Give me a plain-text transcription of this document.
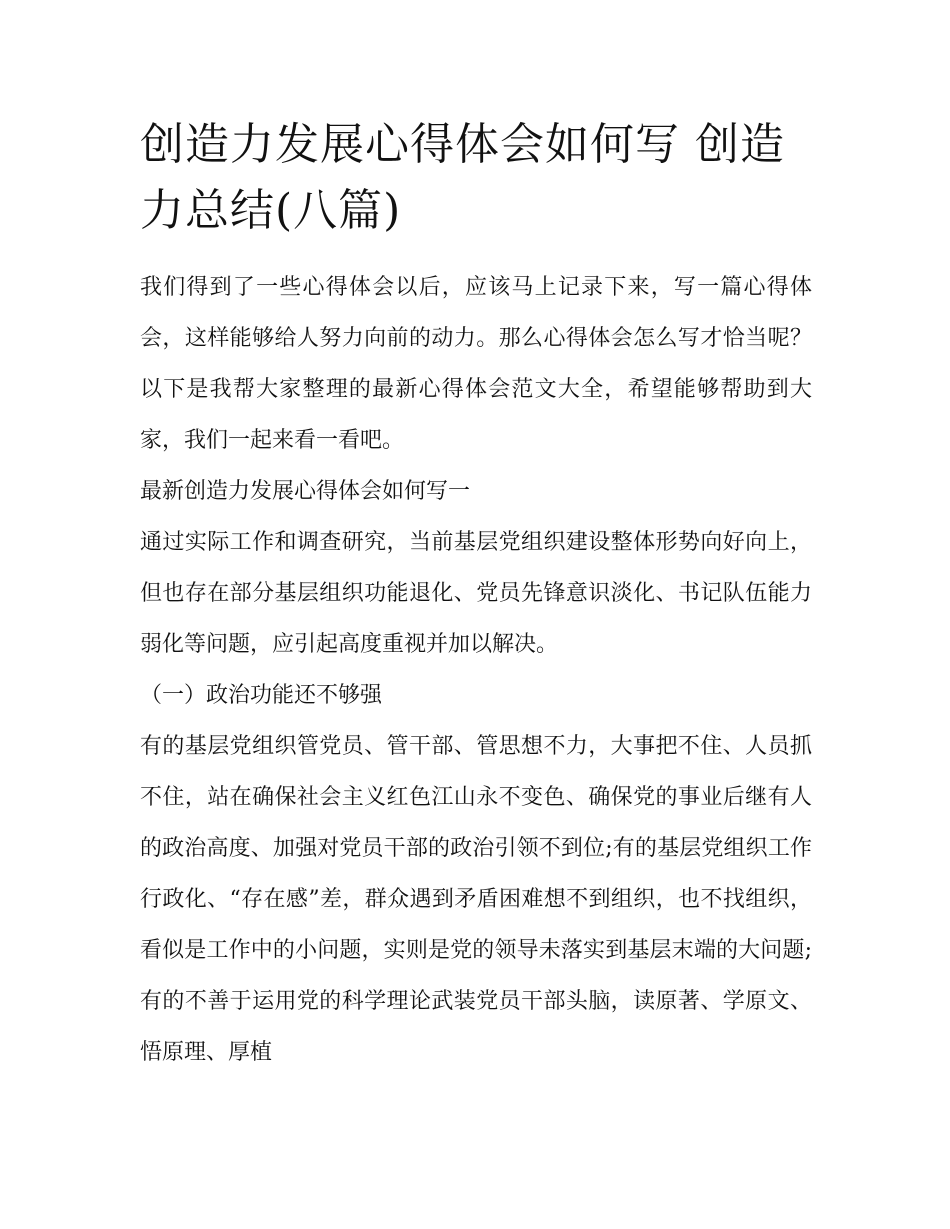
创造力发展心得体会如何写 创造力总结(八篇)

我们得到了一些心得体会以后，应该马上记录下来，写一篇心得体会，这样能够给人努力向前的动力。那么心得体会怎么写才恰当呢？以下是我帮大家整理的最新心得体会范文大全，希望能够帮助到大家，我们一起来看一看吧。

最新创造力发展心得体会如何写一

通过实际工作和调查研究，当前基层党组织建设整体形势向好向上，但也存在部分基层组织功能退化、党员先锋意识淡化、书记队伍能力弱化等问题，应引起高度重视并加以解决。

（一）政治功能还不够强

有的基层党组织管党员、管干部、管思想不力，大事把不住、人员抓不住，站在确保社会主义红色江山永不变色、确保党的事业后继有人的政治高度、加强对党员干部的政治引领不到位;有的基层党组织工作行政化、“存在感”差，群众遇到矛盾困难想不到组织，也不找组织，看似是工作中的小问题，实则是党的领导未落实到基层末端的大问题;有的不善于运用党的科学理论武装党员干部头脑，读原著、学原文、悟原理、厚植
